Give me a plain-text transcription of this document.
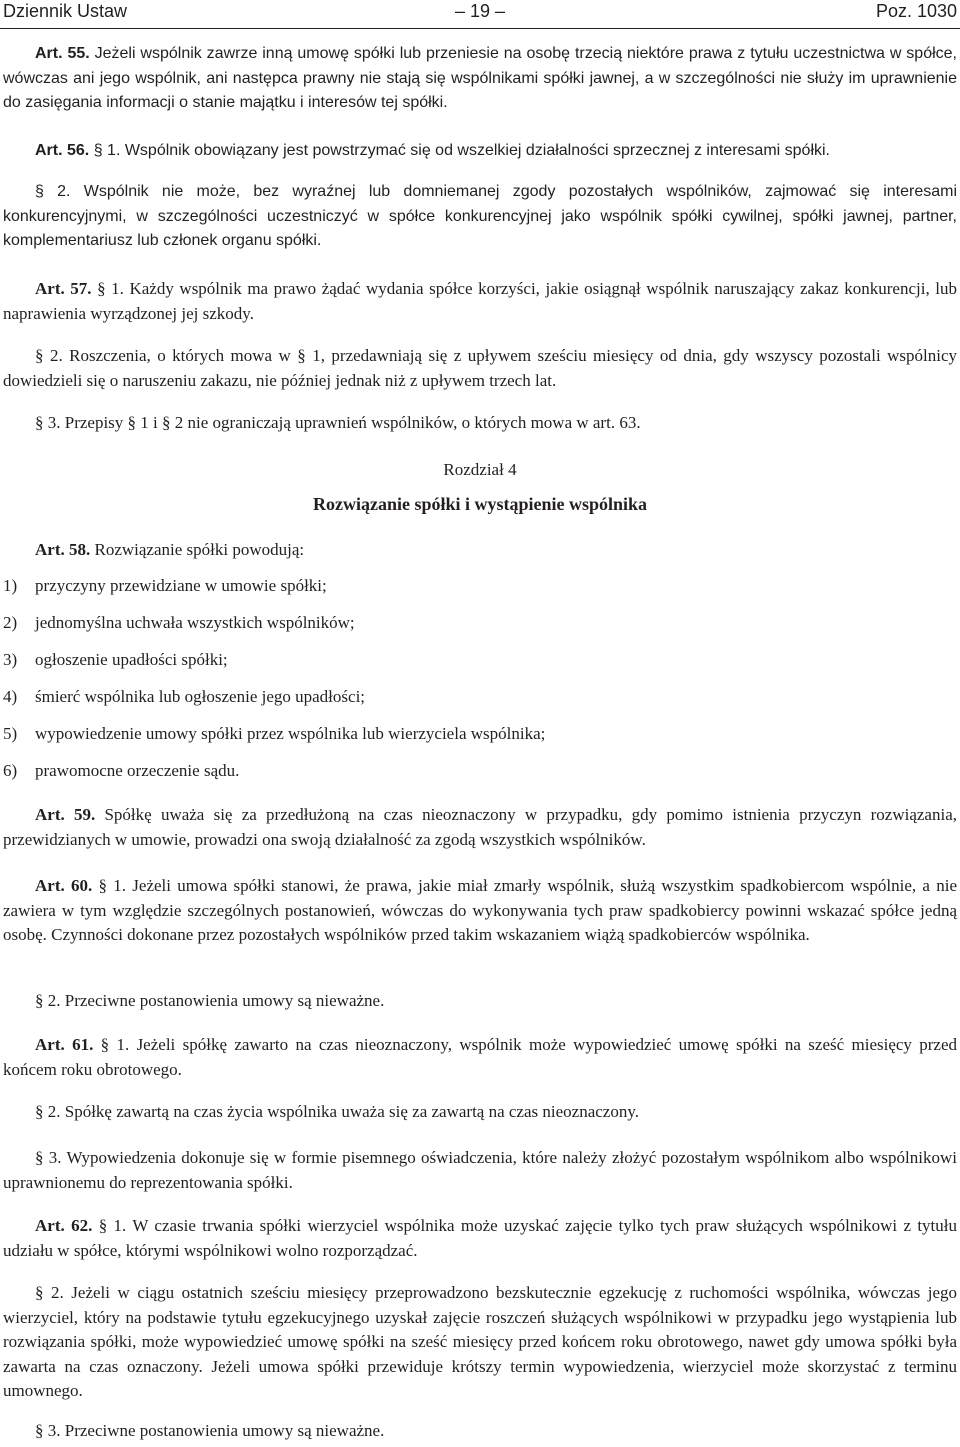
Dziennik Ustaw	– 19 –	Poz. 1030
Art. 55. Jeżeli wspólnik zawrze inną umowę spółki lub przeniesie na osobę trzecią niektóre prawa z tytułu uczestnictwa w spółce, wówczas ani jego wspólnik, ani następca prawny nie stają się wspólnikami spółki jawnej, a w szczególności nie służy im uprawnienie do zasięgania informacji o stanie majątku i interesów tej spółki.
Art. 56. § 1. Wspólnik obowiązany jest powstrzymać się od wszelkiej działalności sprzecznej z interesami spółki.
§ 2. Wspólnik nie może, bez wyraźnej lub domniemanej zgody pozostałych wspólników, zajmować się interesami konkurencyjnymi, w szczególności uczestniczyć w spółce konkurencyjnej jako wspólnik spółki cywilnej, spółki jawnej, partner, komplementariusz lub członek organu spółki.
Art. 57. § 1. Każdy wspólnik ma prawo żądać wydania spółce korzyści, jakie osiągnął wspólnik naruszający zakaz konkurencji, lub naprawienia wyrządzonej jej szkody.
§ 2. Roszczenia, o których mowa w § 1, przedawniają się z upływem sześciu miesięcy od dnia, gdy wszyscy pozostali wspólnicy dowiedzieli się o naruszeniu zakazu, nie później jednak niż z upływem trzech lat.
§ 3. Przepisy § 1 i § 2 nie ograniczają uprawnień wspólników, o których mowa w art. 63.
Rozdział 4
Rozwiązanie spółki i wystąpienie wspólnika
Art. 58. Rozwiązanie spółki powodują:
1) przyczyny przewidziane w umowie spółki;
2) jednomyślna uchwała wszystkich wspólników;
3) ogłoszenie upadłości spółki;
4) śmierć wspólnika lub ogłoszenie jego upadłości;
5) wypowiedzenie umowy spółki przez wspólnika lub wierzyciela wspólnika;
6) prawomocne orzeczenie sądu.
Art. 59. Spółkę uważa się za przedłużoną na czas nieoznaczony w przypadku, gdy pomimo istnienia przyczyn rozwiązania, przewidzianych w umowie, prowadzi ona swoją działalność za zgodą wszystkich wspólników.
Art. 60. § 1. Jeżeli umowa spółki stanowi, że prawa, jakie miał zmarły wspólnik, służą wszystkim spadkobiercom wspólnie, a nie zawiera w tym względzie szczególnych postanowień, wówczas do wykonywania tych praw spadkobiercy powinni wskazać spółce jedną osobę. Czynności dokonane przez pozostałych wspólników przed takim wskazaniem wiążą spadkobierców wspólnika.
§ 2. Przeciwne postanowienia umowy są nieważne.
Art. 61. § 1. Jeżeli spółkę zawarto na czas nieoznaczony, wspólnik może wypowiedzieć umowę spółki na sześć miesięcy przed końcem roku obrotowego.
§ 2. Spółkę zawartą na czas życia wspólnika uważa się za zawartą na czas nieoznaczony.
§ 3. Wypowiedzenia dokonuje się w formie pisemnego oświadczenia, które należy złożyć pozostałym wspólnikom albo wspólnikowi uprawnionemu do reprezentowania spółki.
Art. 62. § 1. W czasie trwania spółki wierzyciel wspólnika może uzyskać zajęcie tylko tych praw służących wspólnikowi z tytułu udziału w spółce, którymi wspólnikowi wolno rozporządzać.
§ 2. Jeżeli w ciągu ostatnich sześciu miesięcy przeprowadzono bezskutecznie egzekucję z ruchomości wspólnika, wówczas jego wierzyciel, który na podstawie tytułu egzekucyjnego uzyskał zajęcie roszczeń służących wspólnikowi w przypadku jego wystąpienia lub rozwiązania spółki, może wypowiedzieć umowę spółki na sześć miesięcy przed końcem roku obrotowego, nawet gdy umowa spółki była zawarta na czas oznaczony. Jeżeli umowa spółki przewiduje krótszy termin wypowiedzenia, wierzyciel może skorzystać z terminu umownego.
§ 3. Przeciwne postanowienia umowy są nieważne.
